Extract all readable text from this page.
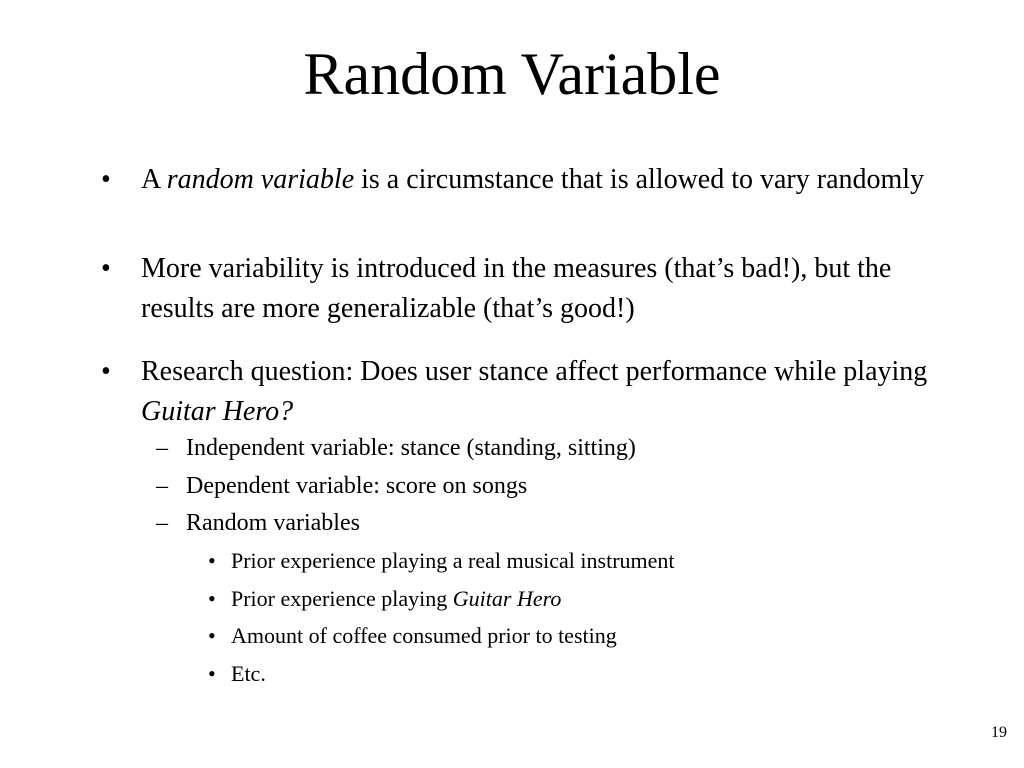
Random Variable
• A random variable is a circumstance that is allowed to vary randomly
• More variability is introduced in the measures (that’s bad!), but the results are more generalizable (that’s good!)
• Research question: Does user stance affect performance while playing Guitar Hero?
– Independent variable: stance (standing, sitting)
– Dependent variable: score on songs
– Random variables
• Prior experience playing a real musical instrument
• Prior experience playing Guitar Hero
• Amount of coffee consumed prior to testing
• Etc.
19
